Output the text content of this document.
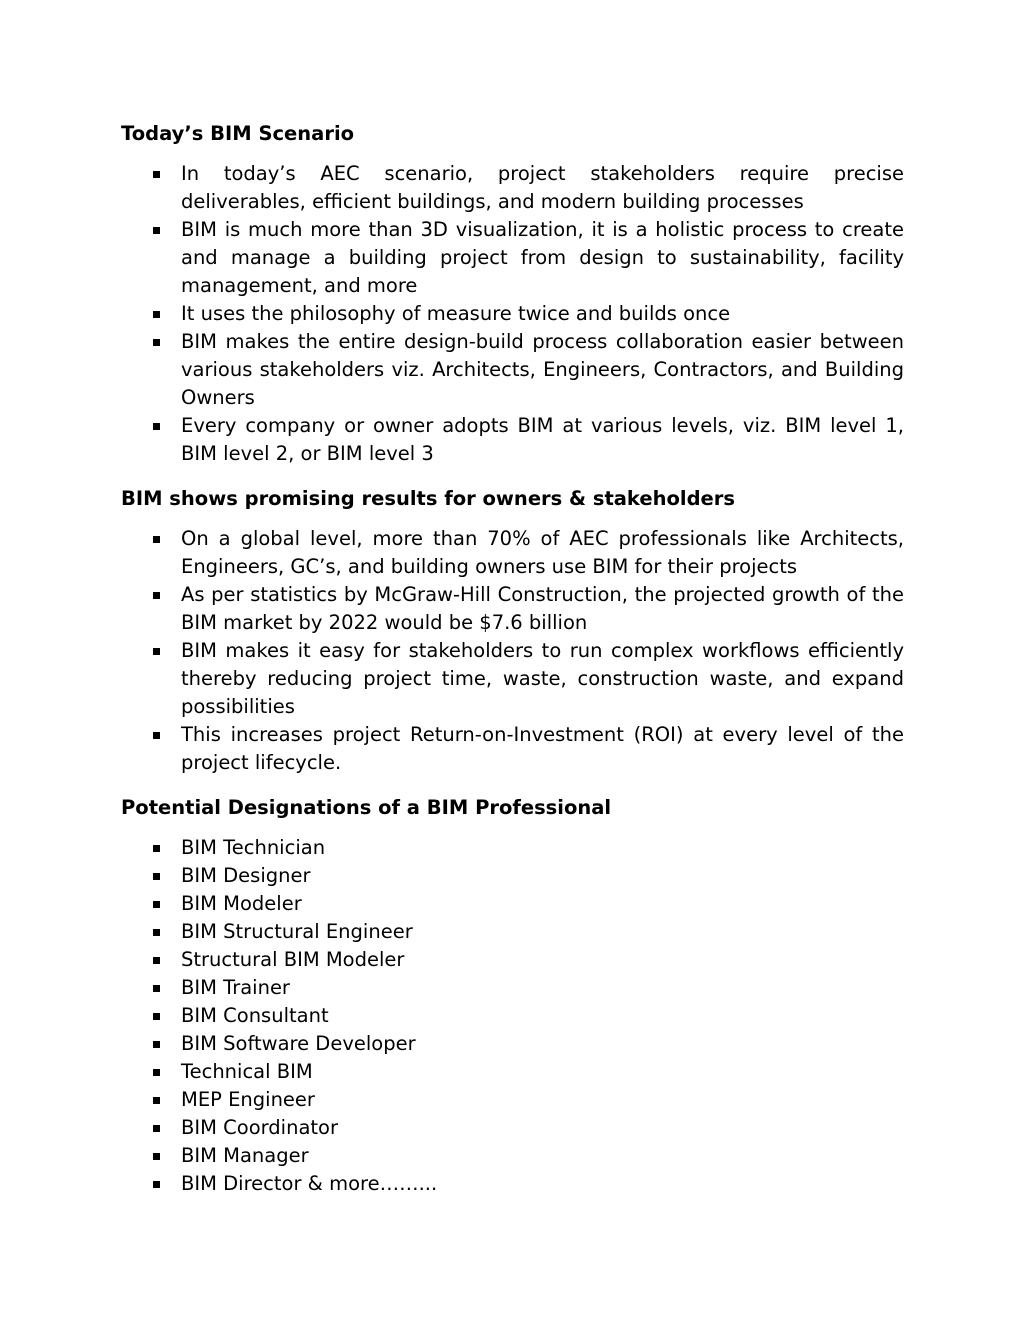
Today’s BIM Scenario
In today’s AEC scenario, project stakeholders require precise deliverables, efficient buildings, and modern building processes
BIM is much more than 3D visualization, it is a holistic process to create and manage a building project from design to sustainability, facility management, and more
It uses the philosophy of measure twice and builds once
BIM makes the entire design-build process collaboration easier between various stakeholders viz. Architects, Engineers, Contractors, and Building Owners
Every company or owner adopts BIM at various levels, viz. BIM level 1, BIM level 2, or BIM level 3
BIM shows promising results for owners & stakeholders
On a global level, more than 70% of AEC professionals like Architects, Engineers, GC’s, and building owners use BIM for their projects
As per statistics by McGraw-Hill Construction, the projected growth of the BIM market by 2022 would be $7.6 billion
BIM makes it easy for stakeholders to run complex workflows efficiently thereby reducing project time, waste, construction waste, and expand possibilities
This increases project Return-on-Investment (ROI) at every level of the project lifecycle.
Potential Designations of a BIM Professional
BIM Technician
BIM Designer
BIM Modeler
BIM Structural Engineer
Structural BIM Modeler
BIM Trainer
BIM Consultant
BIM Software Developer
Technical BIM
MEP Engineer
BIM Coordinator
BIM Manager
BIM Director & more……...
